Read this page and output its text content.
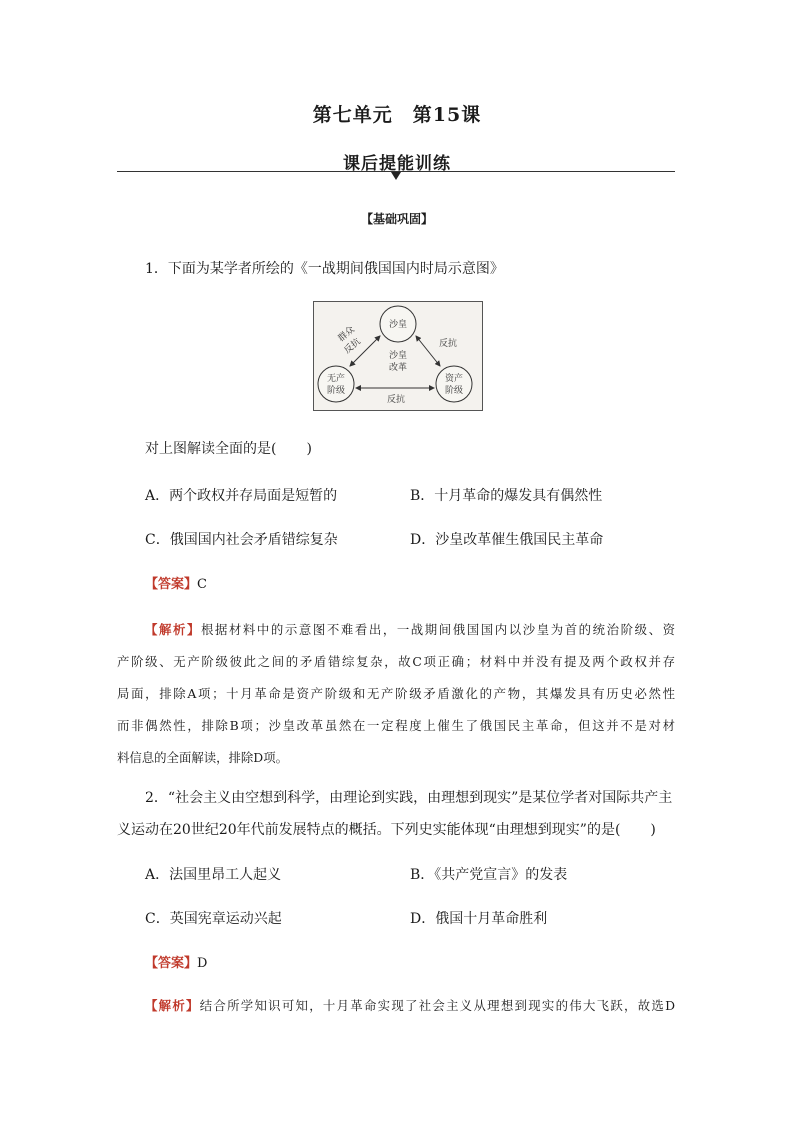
第七单元　第15课
课后提能训练
【基础巩固】
1．下面为某学者所绘的《一战期间俄国国内时局示意图》
沙皇
无产
阶级
资产
阶级
沙皇
改革
群众
反抗	反抗
反抗
对上图解读全面的是( )
A．两个政权并存局面是短暂的	B．十月革命的爆发具有偶然性
C．俄国国内社会矛盾错综复杂	D．沙皇改革催生俄国民主革命
【答案】C
【解析】根据材料中的示意图不难看出，一战期间俄国国内以沙皇为首的统治阶级、资
产阶级、无产阶级彼此之间的矛盾错综复杂，故C项正确；材料中并没有提及两个政权并存
局面，排除A项；十月革命是资产阶级和无产阶级矛盾激化的产物，其爆发具有历史必然性
而非偶然性，排除B项；沙皇改革虽然在一定程度上催生了俄国民主革命，但这并不是对材
料信息的全面解读，排除D项。
2．“社会主义由空想到科学，由理论到实践，由理想到现实”是某位学者对国际共产主
义运动在20世纪20年代前发展特点的概括。下列史实能体现“由理想到现实”的是( )
A．法国里昂工人起义	B．《共产党宣言》的发表
C．英国宪章运动兴起	D．俄国十月革命胜利
【答案】D
【解析】结合所学知识可知，十月革命实现了社会主义从理想到现实的伟大飞跃，故选D
